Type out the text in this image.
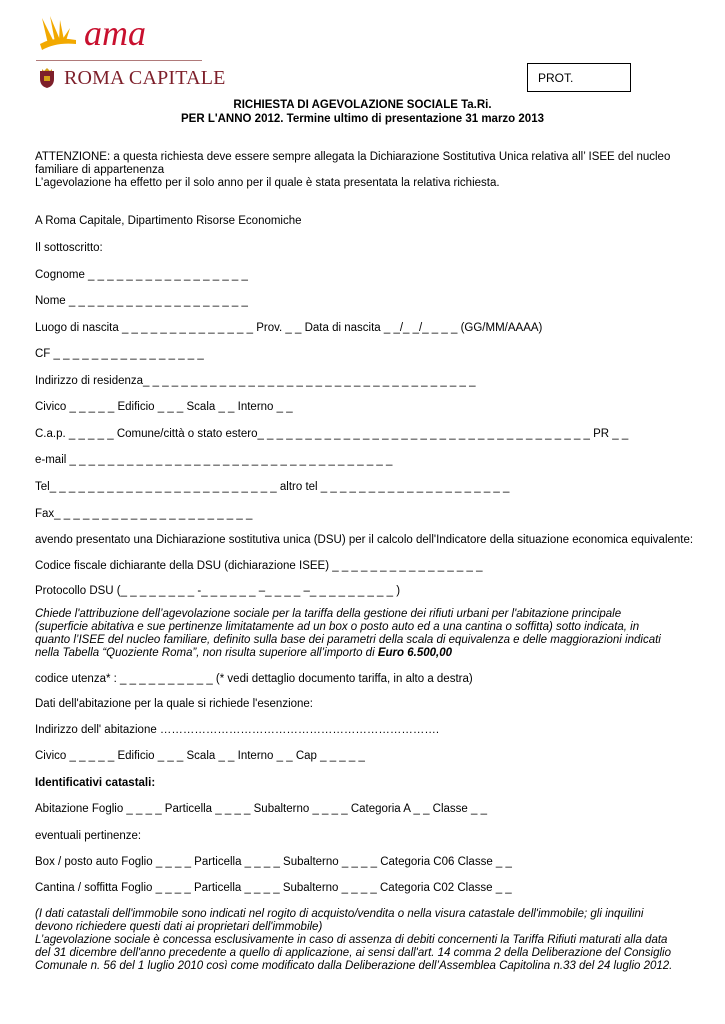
ama
ROMA CAPITALE	PROT.
RICHIESTA DI AGEVOLAZIONE SOCIALE Ta.Ri.
PER L'ANNO 2012. Termine ultimo di presentazione 31 marzo 2013
ATTENZIONE: a questa richiesta deve essere sempre allegata la Dichiarazione Sostitutiva Unica relativa all’ ISEE del nucleo
familiare di appartenenza
L’agevolazione ha effetto per il solo anno per il quale è stata presentata la relativa richiesta.
A Roma Capitale, Dipartimento Risorse Economiche
Il sottoscritto:
Cognome _ _ _ _ _ _ _ _ _ _ _ _ _ _ _ _ _
Nome _ _ _ _ _ _ _ _ _ _ _ _ _ _ _ _ _ _ _
Luogo di nascita _ _ _ _ _ _ _ _ _ _ _ _ _ _ Prov. _ _ Data di nascita _ _/_ _/_ _ _ _ (GG/MM/AAAA)
CF _ _ _ _ _ _ _ _ _ _ _ _ _ _ _ _
Indirizzo di residenza_ _ _ _ _ _ _ _ _ _ _ _ _ _ _ _ _ _ _ _ _ _ _ _ _ _ _ _ _ _ _ _ _ _ _
Civico _ _ _ _ _ Edificio _ _ _ Scala _ _ Interno _ _
C.a.p. _ _ _ _ _ Comune/città o stato estero_ _ _ _ _ _ _ _ _ _ _ _ _ _ _ _ _ _ _ _ _ _ _ _ _ _ _ _ _ _ _ _ _ _ _ PR _ _
e-mail _ _ _ _ _ _ _ _ _ _ _ _ _ _ _ _ _ _ _ _ _ _ _ _ _ _ _ _ _ _ _ _ _ _
Tel_ _ _ _ _ _ _ _ _ _ _ _ _ _ _ _ _ _ _ _ _ _ _ _ altro tel _ _ _ _ _ _ _ _ _ _ _ _ _ _ _ _ _ _ _ _
Fax_ _ _ _ _ _ _ _ _ _ _ _ _ _ _ _ _ _ _ _ _
avendo presentato una Dichiarazione sostitutiva unica (DSU) per il calcolo dell'Indicatore della situazione economica equivalente:
Codice fiscale dichiarante della DSU (dichiarazione ISEE) _ _ _ _ _ _ _ _ _ _ _ _ _ _ _ _
Protocollo DSU (_ _ _ _ _ _ _ _ -_ _ _ _ _ _ –_ _ _ _ –_ _ _ _ _ _ _ _ _ )
Chiede l'attribuzione dell’agevolazione sociale per la tariffa della gestione dei rifiuti urbani per l'abitazione principale (superficie abitativa e sue pertinenze limitatamente ad un box o posto auto ed a una cantina o soffitta) sotto indicata, in quanto l’ISEE del nucleo familiare, definito sulla base dei parametri della scala di equivalenza e delle maggiorazioni indicati nella Tabella “Quoziente Roma”, non risulta superiore all’importo di Euro 6.500,00
codice utenza* : _ _ _ _ _ _ _ _ _ _ (* vedi dettaglio documento tariffa, in alto a destra)
Dati dell'abitazione per la quale si richiede l'esenzione:
Indirizzo dell' abitazione ……………………………………………………………….
Civico _ _ _ _ _ Edificio _ _ _ Scala _ _ Interno _ _ Cap _ _ _ _ _
Identificativi catastali:
Abitazione Foglio _ _ _ _ Particella _ _ _ _ Subalterno _ _ _ _ Categoria A _ _ Classe _ _
eventuali pertinenze:
Box / posto auto Foglio _ _ _ _ Particella _ _ _ _ Subalterno _ _ _ _ Categoria C06 Classe _ _
Cantina / soffitta Foglio _ _ _ _ Particella _ _ _ _ Subalterno _ _ _ _ Categoria C02 Classe _ _
(I dati catastali dell'immobile sono indicati nel rogito di acquisto/vendita o nella visura catastale dell'immobile; gli inquilini devono richiedere questi dati ai proprietari dell'immobile)
L’agevolazione sociale è concessa esclusivamente in caso di assenza di debiti concernenti la Tariffa Rifiuti maturati alla data del 31 dicembre dell'anno precedente a quello di applicazione, ai sensi dall'art. 14 comma 2 della Deliberazione del Consiglio Comunale n. 56 del 1 luglio 2010 così come modificato dalla Deliberazione dell’Assemblea Capitolina n.33 del 24 luglio 2012.
